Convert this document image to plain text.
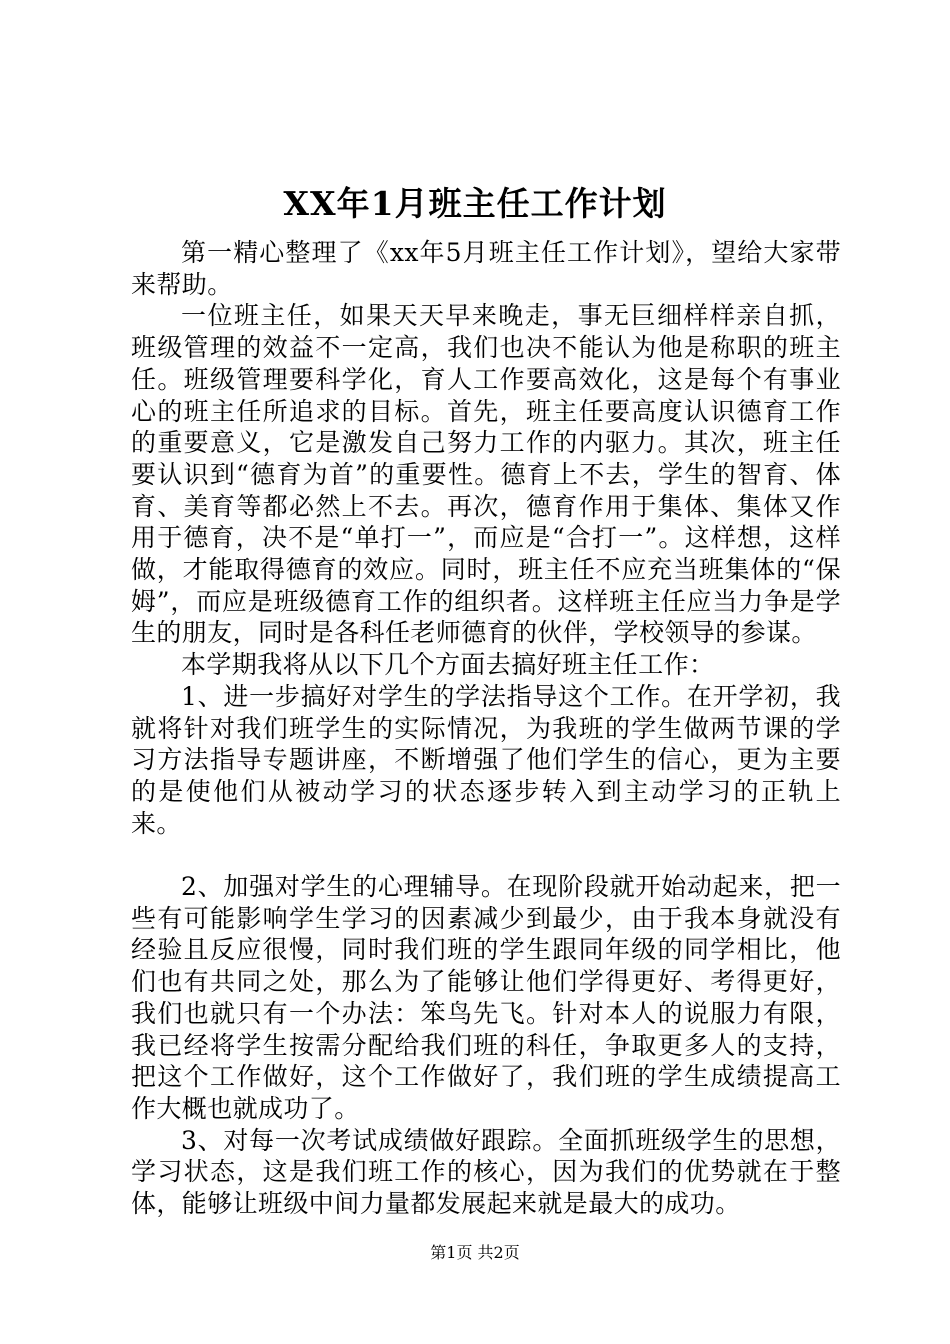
XX年1月班主任工作计划

第一精心整理了《xx年5月班主任工作计划》，望给大家带来帮助。

一位班主任，如果天天早来晚走，事无巨细样样亲自抓，班级管理的效益不一定高，我们也决不能认为他是称职的班主任。班级管理要科学化，育人工作要高效化，这是每个有事业心的班主任所追求的目标。首先，班主任要高度认识德育工作的重要意义，它是激发自己努力工作的内驱力。其次，班主任要认识到“德育为首”的重要性。德育上不去，学生的智育、体育、美育等都必然上不去。再次，德育作用于集体、集体又作用于德育，决不是“单打一”，而应是“合打一”。这样想，这样做，才能取得德育的效应。同时，班主任不应充当班集体的“保姆”，而应是班级德育工作的组织者。这样班主任应当力争是学生的朋友，同时是各科任老师德育的伙伴，学校领导的参谋。

本学期我将从以下几个方面去搞好班主任工作：

1、进一步搞好对学生的学法指导这个工作。在开学初，我就将针对我们班学生的实际情况，为我班的学生做两节课的学习方法指导专题讲座，不断增强了他们学生的信心，更为主要的是使他们从被动学习的状态逐步转入到主动学习的正轨上来。

2、加强对学生的心理辅导。在现阶段就开始动起来，把一些有可能影响学生学习的因素减少到最少，由于我本身就没有经验且反应很慢，同时我们班的学生跟同年级的同学相比，他们也有共同之处，那么为了能够让他们学得更好、考得更好，我们也就只有一个办法：笨鸟先飞。针对本人的说服力有限，我已经将学生按需分配给我们班的科任，争取更多人的支持，把这个工作做好，这个工作做好了，我们班的学生成绩提高工作大概也就成功了。

3、对每一次考试成绩做好跟踪。全面抓班级学生的思想，学习状态，这是我们班工作的核心，因为我们的优势就在于整体，能够让班级中间力量都发展起来就是最大的成功。

第1页 共2页
